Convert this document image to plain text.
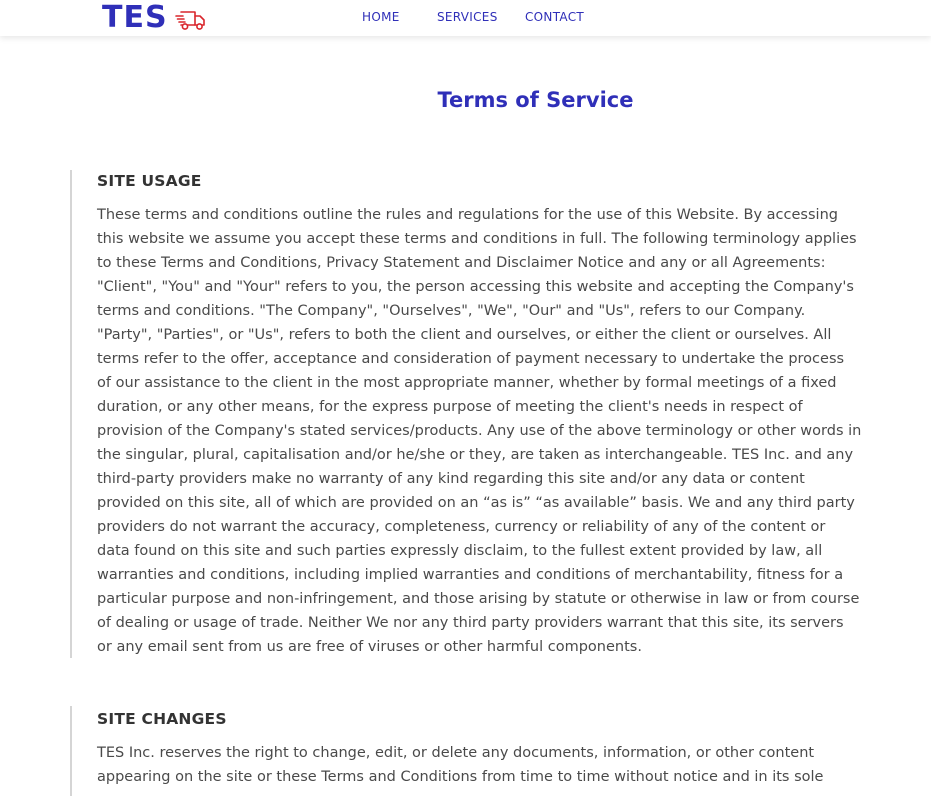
TES	HOME	SERVICES CONTACT
Terms of Service
SITE USAGE

These terms and conditions outline the rules and regulations for the use of this Website. By accessing this website we assume you accept these terms and conditions in full. The following terminology applies to these Terms and Conditions, Privacy Statement and Disclaimer Notice and any or all Agreements: "Client", "You" and "Your" refers to you, the person accessing this website and accepting the Company's terms and conditions. "The Company", "Ourselves", "We", "Our" and "Us", refers to our Company. "Party", "Parties", or "Us", refers to both the client and ourselves, or either the client or ourselves. All terms refer to the offer, acceptance and consideration of payment necessary to undertake the process of our assistance to the client in the most appropriate manner, whether by formal meetings of a fixed duration, or any other means, for the express purpose of meeting the client's needs in respect of provision of the Company's stated services/products. Any use of the above terminology or other words in the singular, plural, capitalisation and/or he/she or they, are taken as interchangeable. TES Inc. and any third-party providers make no warranty of any kind regarding this site and/or any data or content provided on this site, all of which are provided on an “as is” “as available” basis. We and any third party providers do not warrant the accuracy, completeness, currency or reliability of any of the content or data found on this site and such parties expressly disclaim, to the fullest extent provided by law, all warranties and conditions, including implied warranties and conditions of merchantability, fitness for a particular purpose and non-infringement, and those arising by statute or otherwise in law or from course of dealing or usage of trade. Neither We nor any third party providers warrant that this site, its servers or any email sent from us are free of viruses or other harmful components.

SITE CHANGES

TES Inc. reserves the right to change, edit, or delete any documents, information, or other content appearing on the site or these Terms and Conditions from time to time without notice and in its sole
